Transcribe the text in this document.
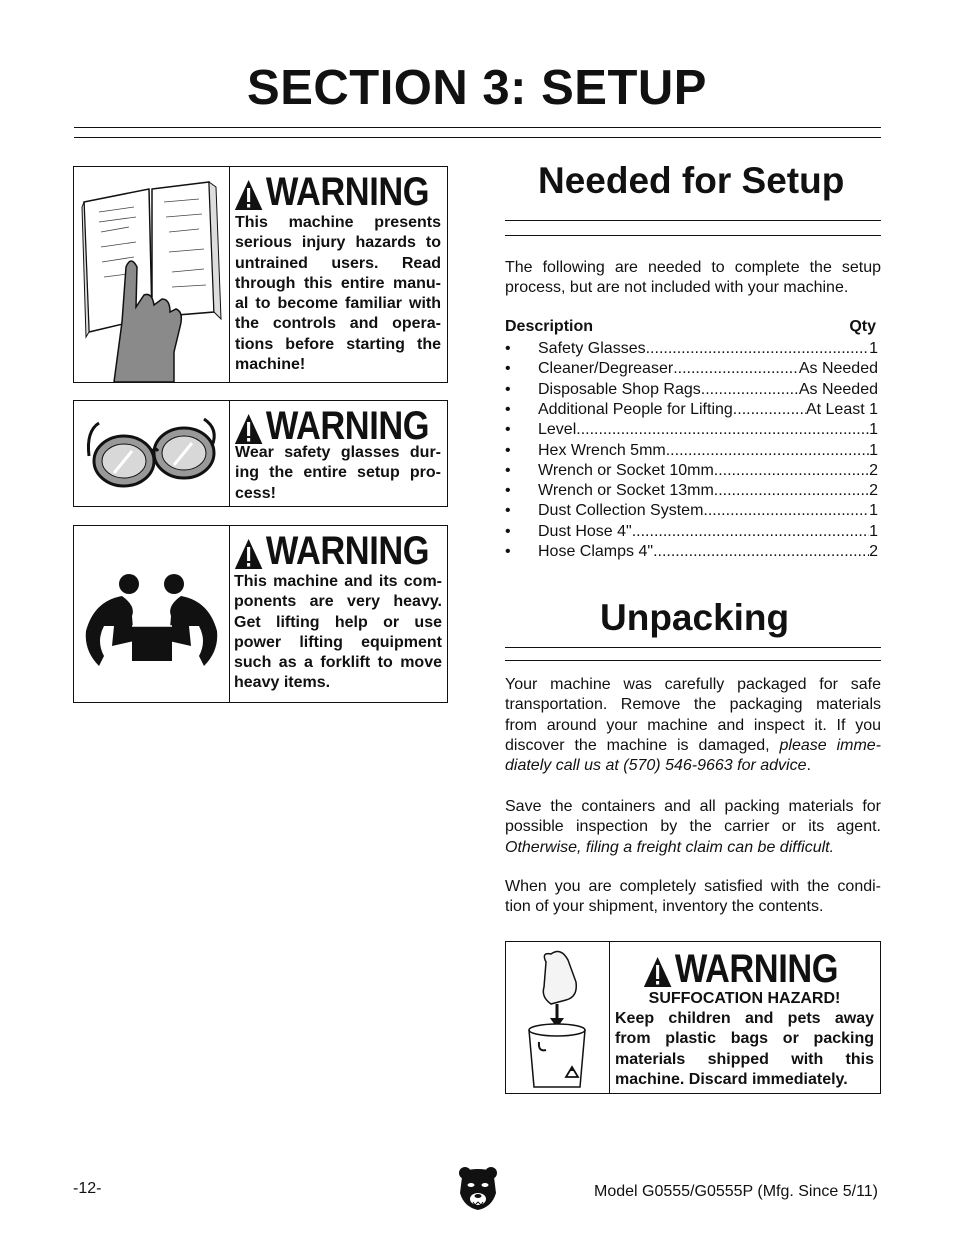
SECTION 3: SETUP
WARNING
This machine presents serious injury hazards to untrained users. Read through this entire manu-al to become familiar with the controls and opera-tions before starting the machine!
WARNING
Wear safety glasses dur-ing the entire setup pro-cess!
WARNING
This machine and its com-ponents are very heavy. Get lifting help or use power lifting equipment such as a forklift to move heavy items.
Needed for Setup
The following are needed to complete the setup process, but are not included with your machine.
Description	Qty
• Safety Glasses .....	1
• Cleaner/Degreaser .....	As Needed
• Disposable Shop Rags .....	As Needed
• Additional People for Lifting .....	At Least 1
• Level .....	1
• Hex Wrench 5mm .....	1
• Wrench or Socket 10mm .....	2
• Wrench or Socket 13mm .....	2
• Dust Collection System .....	1
• Dust Hose 4" .....	1
• Hose Clamps 4" .....	2
Unpacking
Your machine was carefully packaged for safe transportation. Remove the packaging materials from around your machine and inspect it. If you discover the machine is damaged, please imme-diately call us at (570) 546-9663 for advice.
Save the containers and all packing materials for possible inspection by the carrier or its agent. Otherwise, filing a freight claim can be difficult.
When you are completely satisfied with the condi-tion of your shipment, inventory the contents.
WARNING
SUFFOCATION HAZARD!
Keep children and pets away from plastic bags or packing materials shipped with this machine. Discard immediately.
-12-	Model G0555/G0555P (Mfg. Since 5/11)
